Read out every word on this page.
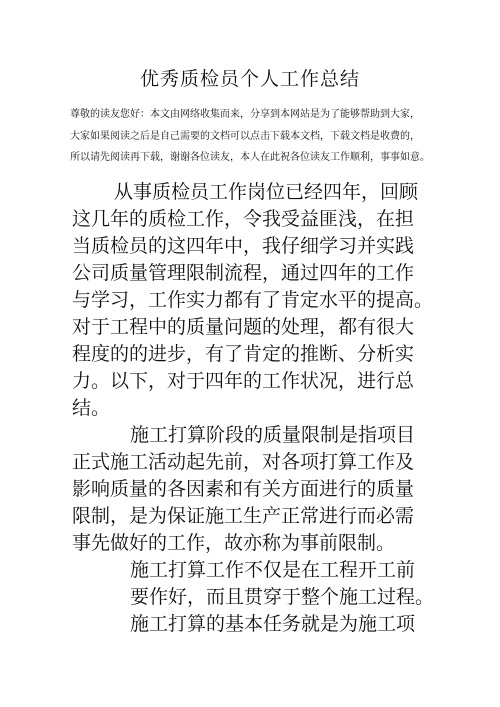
优秀质检员个人工作总结
尊敬的读友您好：本文由网络收集而来，分享到本网站是为了能够帮助到大家，
大家如果阅读之后是自己需要的文档可以点击下载本文档，下载文档是收费的，
所以请先阅读再下载，谢谢各位读友，本人在此祝各位读友工作顺利，事事如意。
从事质检员工作岗位已经四年，回顾
这几年的质检工作，令我受益匪浅，在担
当质检员的这四年中，我仔细学习并实践
公司质量管理限制流程，通过四年的工作
与学习，工作实力都有了肯定水平的提高。
对于工程中的质量问题的处理，都有很大
程度的的进步，有了肯定的推断、分析实
力。以下，对于四年的工作状况，进行总
结。
施工打算阶段的质量限制是指项目
正式施工活动起先前，对各项打算工作及
影响质量的各因素和有关方面进行的质量
限制，是为保证施工生产正常进行而必需
事先做好的工作，故亦称为事前限制。
施工打算工作不仅是在工程开工前
要作好，而且贯穿于整个施工过程。
施工打算的基本任务就是为施工项
